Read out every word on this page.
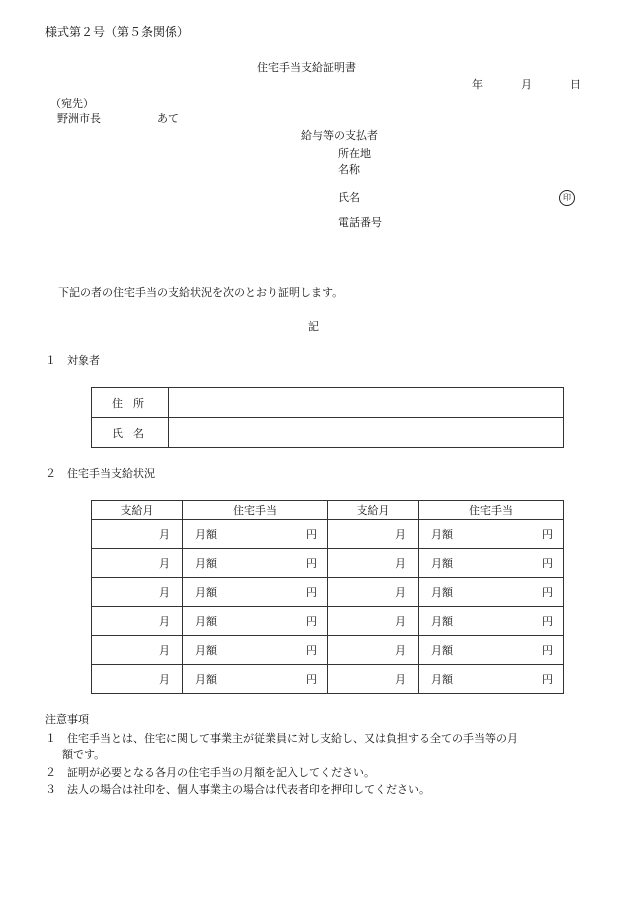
様式第２号（第５条関係）
住宅手当支給証明書
年	月	日
（宛先）
野洲市長	あて
給与等の支払者
所在地
名称
氏名	印
電話番号
下記の者の住宅手当の支給状況を次のとおり証明します。
記
１　対象者
住所	
氏名	
２　住宅手当支給状況
支給月	住宅手当	支給月	住宅手当
月	月額 円	月	月額 円

月	月額 円	月	月額 円

月	月額 円	月	月額 円

月	月額 円	月	月額 円

月	月額 円	月	月額 円

月	月額 円	月	月額 円
注意事項
１　住宅手当とは、住宅に関して事業主が従業員に対し支給し、又は負担する全ての手当等の月
額です。
２　証明が必要となる各月の住宅手当の月額を記入してください。
３　法人の場合は社印を、個人事業主の場合は代表者印を押印してください。
